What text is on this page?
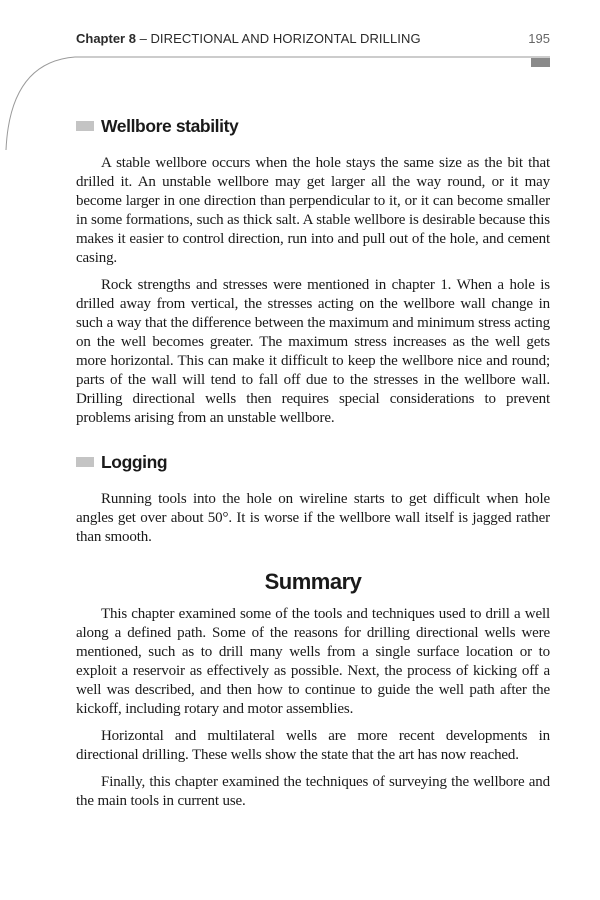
Chapter 8 – DIRECTIONAL AND HORIZONTAL DRILLING	195
Wellbore stability

A stable wellbore occurs when the hole stays the same size as the bit that drilled it. An unstable wellbore may get larger all the way round, or it may become larger in one direction than perpendicular to it, or it can become smaller in some formations, such as thick salt. A stable wellbore is desirable because this makes it easier to control direction, run into and pull out of the hole, and cement casing.

Rock strengths and stresses were mentioned in chapter 1. When a hole is drilled away from vertical, the stresses acting on the wellbore wall change in such a way that the difference between the maximum and minimum stress acting on the well becomes greater. The maximum stress increases as the well gets more horizontal. This can make it difficult to keep the wellbore nice and round; parts of the wall will tend to fall off due to the stresses in the wellbore wall. Drilling directional wells then requires special considerations to prevent problems arising from an unstable wellbore.

Logging

Running tools into the hole on wireline starts to get difficult when hole angles get over about 50°. It is worse if the wellbore wall itself is jagged rather than smooth.

Summary

This chapter examined some of the tools and techniques used to drill a well along a defined path. Some of the reasons for drilling directional wells were mentioned, such as to drill many wells from a single surface location or to exploit a reservoir as effectively as possible. Next, the process of kicking off a well was described, and then how to continue to guide the well path after the kickoff, including rotary and motor assemblies.

Horizontal and multilateral wells are more recent developments in directional drilling. These wells show the state that the art has now reached.

Finally, this chapter examined the techniques of surveying the wellbore and the main tools in current use.
